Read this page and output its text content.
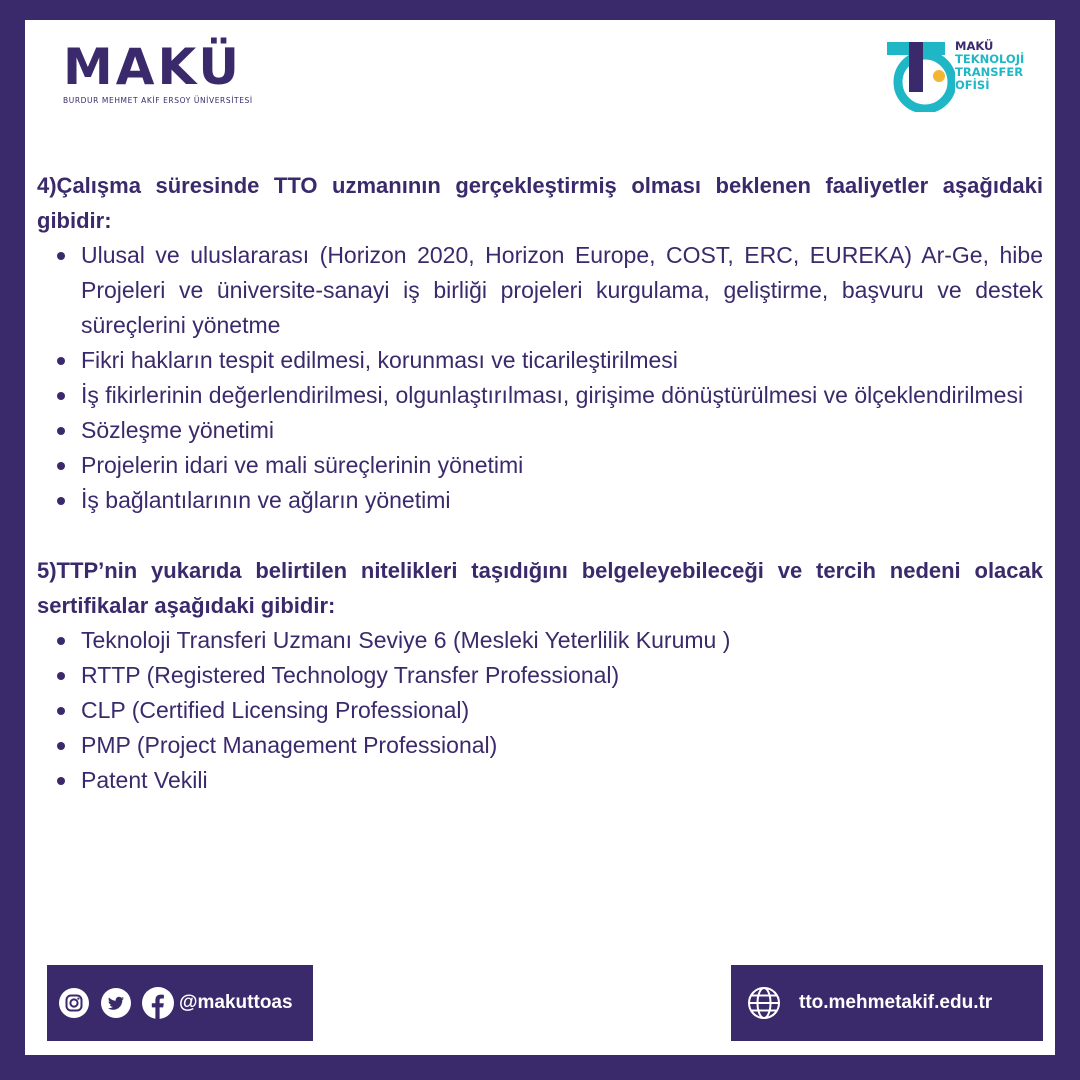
MAKÜ
BURDUR MEHMET AKİF ERSOY ÜNİVERSİTESİ
MAKÜ
TEKNOLOJİ
TRANSFER
OFİSİ

4)Çalışma süresinde TTO uzmanının gerçekleştirmiş olması beklenen faaliyetler aşağıdaki gibidir:

Ulusal ve uluslararası (Horizon 2020, Horizon Europe, COST, ERC, EUREKA) Ar-Ge, hibe Projeleri ve üniversite-sanayi iş birliği projeleri kurgulama, geliştirme, başvuru ve destek süreçlerini yönetme
Fikri hakların tespit edilmesi, korunması ve ticarileştirilmesi
İş fikirlerinin değerlendirilmesi, olgunlaştırılması, girişime dönüştürülmesi ve ölçeklendirilmesi
Sözleşme yönetimi
Projelerin idari ve mali süreçlerinin yönetimi
İş bağlantılarının ve ağların yönetimi

5)TTP’nin yukarıda belirtilen nitelikleri taşıdığını belgeleyebileceği ve tercih nedeni olacak sertifikalar aşağıdaki gibidir:

Teknoloji Transferi Uzmanı Seviye 6 (Mesleki Yeterlilik Kurumu )
RTTP (Registered Technology Transfer Professional)
CLP (Certified Licensing Professional)
PMP (Project Management Professional)
Patent Vekili
@makuttoas	tto.mehmetakif.edu.tr
